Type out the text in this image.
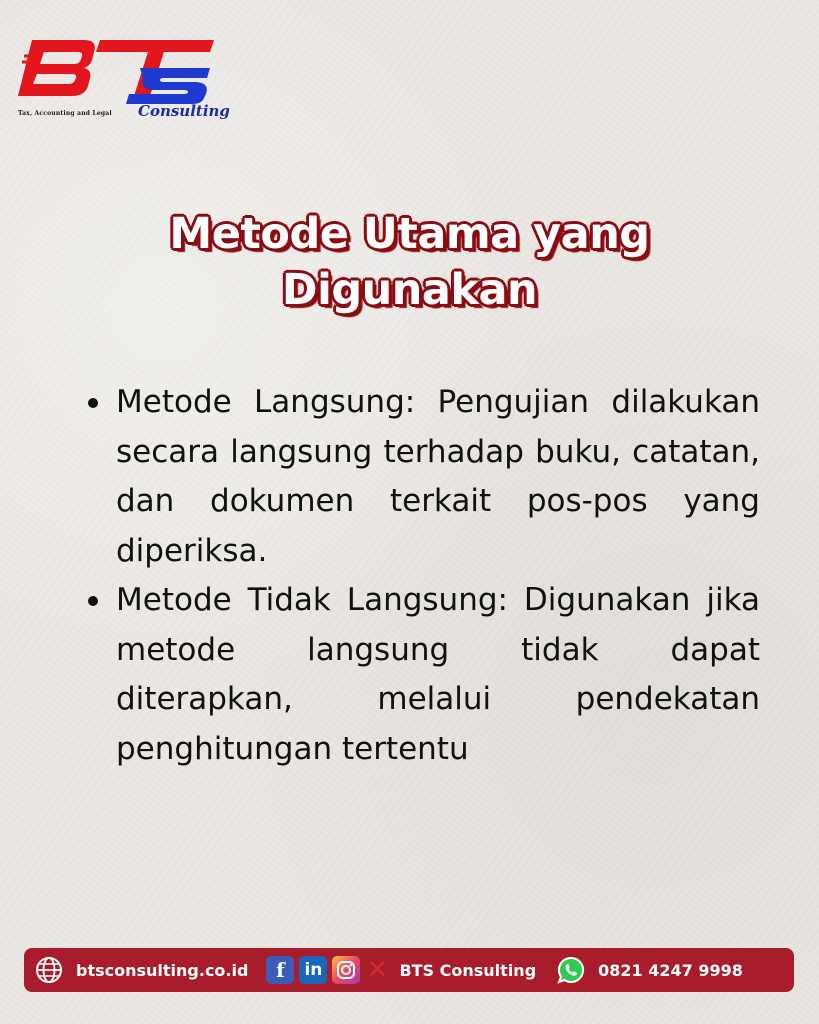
Tax, Accounting and Legal Consulting
Metode Utama yang
Digunakan
Metode Langsung: Pengujian dilakukan secara langsung terhadap buku, catatan, dan dokumen terkait pos-pos yang diperiksa.
Metode Tidak Langsung: Digunakan jika metode langsung tidak dapat diterapkan, melalui pendekatan penghitungan tertentu
btsconsulting.co.id	f	in ✕ BTS Consulting	0821 4247 9998
